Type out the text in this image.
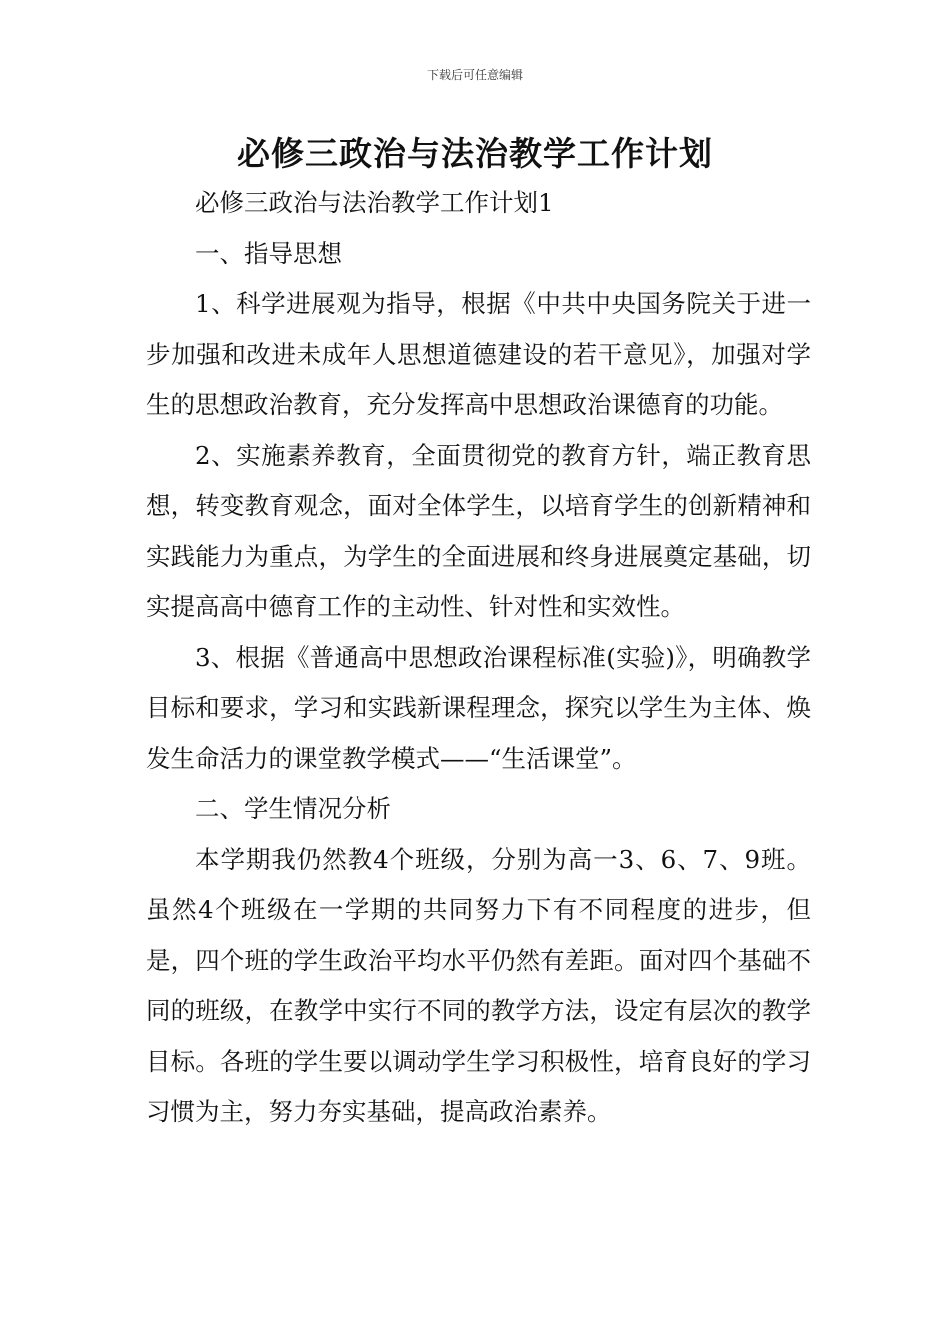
下载后可任意编辑
必修三政治与法治教学工作计划

必修三政治与法治教学工作计划1

一、指导思想

1、科学进展观为指导，根据《中共中央国务院关于进一步加强和改进未成年人思想道德建设的若干意见》，加强对学生的思想政治教育，充分发挥高中思想政治课德育的功能。

2、实施素养教育，全面贯彻党的教育方针，端正教育思想，转变教育观念，面对全体学生，以培育学生的创新精神和实践能力为重点，为学生的全面进展和终身进展奠定基础，切实提高高中德育工作的主动性、针对性和实效性。

3、根据《普通高中思想政治课程标准(实验)》，明确教学目标和要求，学习和实践新课程理念，探究以学生为主体、焕发生命活力的课堂教学模式——“生活课堂”。

二、学生情况分析

本学期我仍然教4个班级，分别为高一3、6、7、9班。虽然4个班级在一学期的共同努力下有不同程度的进步，但是，四个班的学生政治平均水平仍然有差距。面对四个基础不同的班级，在教学中实行不同的教学方法，设定有层次的教学目标。各班的学生要以调动学生学习积极性，培育良好的学习习惯为主，努力夯实基础，提高政治素养。
